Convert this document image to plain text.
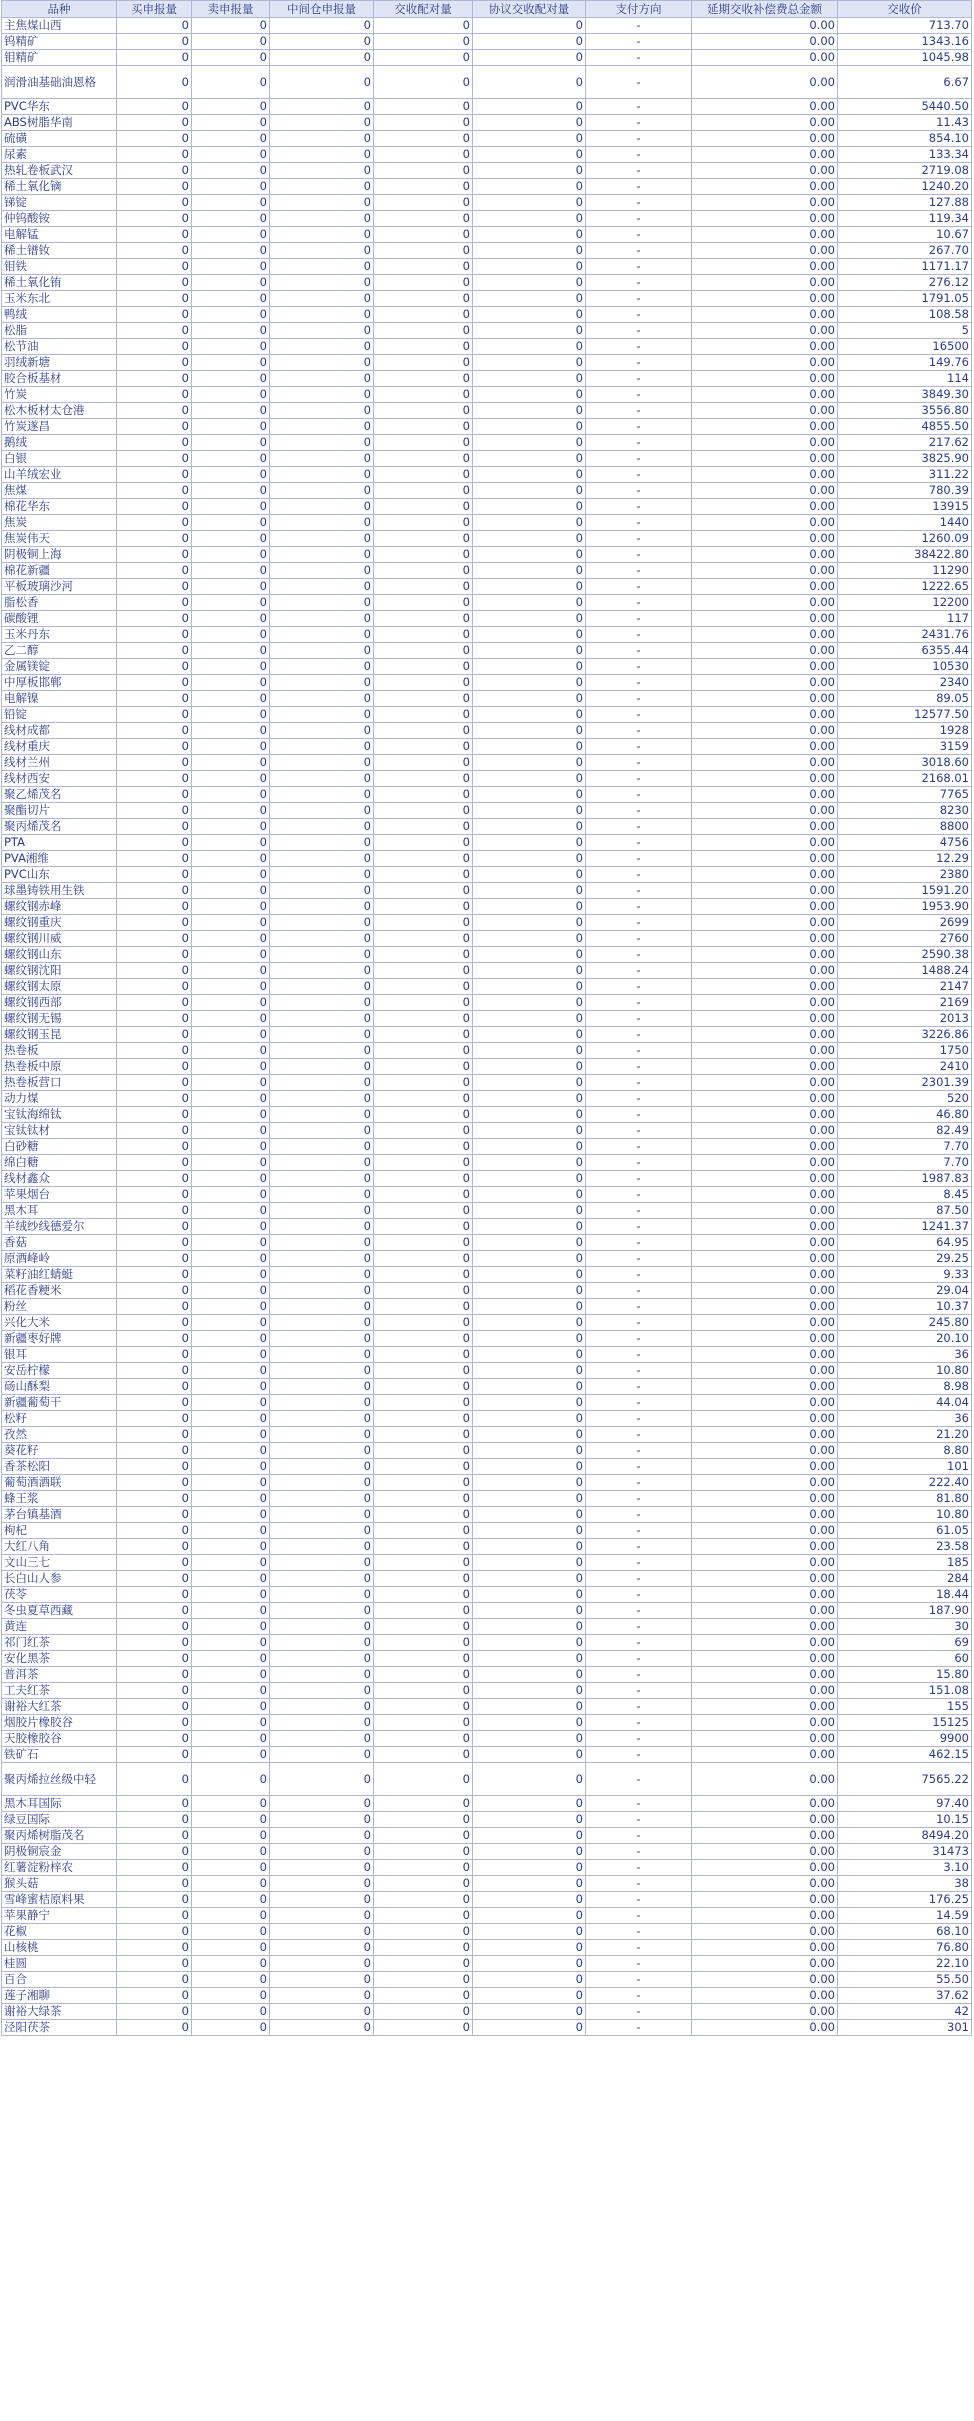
品种	买申报量	卖申报量	中间仓申报量	交收配对量	协议交收配对量	支付方向	延期交收补偿费总金额	交收价
主焦煤山西	0	0	0	0	0	-	0.00	713.70
钨精矿	0	0	0	0	0	-	0.00	1343.16
钼精矿	0	0	0	0	0	-	0.00	1045.98
润滑油基础油恩格	0	0	0	0	0	-	0.00	6.67
PVC华东	0	0	0	0	0	-	0.00	5440.50
ABS树脂华南	0	0	0	0	0	-	0.00	11.43
硫磺	0	0	0	0	0	-	0.00	854.10
尿素	0	0	0	0	0	-	0.00	133.34
热轧卷板武汉	0	0	0	0	0	-	0.00	2719.08
稀土氧化镝	0	0	0	0	0	-	0.00	1240.20
锑锭	0	0	0	0	0	-	0.00	127.88
仲钨酸铵	0	0	0	0	0	-	0.00	119.34
电解锰	0	0	0	0	0	-	0.00	10.67
稀土镨钕	0	0	0	0	0	-	0.00	267.70
钼铁	0	0	0	0	0	-	0.00	1171.17
稀土氧化铕	0	0	0	0	0	-	0.00	276.12
玉米东北	0	0	0	0	0	-	0.00	1791.05
鸭绒	0	0	0	0	0	-	0.00	108.58
松脂	0	0	0	0	0	-	0.00	5
松节油	0	0	0	0	0	-	0.00	16500
羽绒新塘	0	0	0	0	0	-	0.00	149.76
胶合板基材	0	0	0	0	0	-	0.00	114
竹炭	0	0	0	0	0	-	0.00	3849.30
松木板材太仓港	0	0	0	0	0	-	0.00	3556.80
竹炭遂昌	0	0	0	0	0	-	0.00	4855.50
鹅绒	0	0	0	0	0	-	0.00	217.62
白银	0	0	0	0	0	-	0.00	3825.90
山羊绒宏业	0	0	0	0	0	-	0.00	311.22
焦煤	0	0	0	0	0	-	0.00	780.39
棉花华东	0	0	0	0	0	-	0.00	13915
焦炭	0	0	0	0	0	-	0.00	1440
焦炭伟天	0	0	0	0	0	-	0.00	1260.09
阴极铜上海	0	0	0	0	0	-	0.00	38422.80
棉花新疆	0	0	0	0	0	-	0.00	11290
平板玻璃沙河	0	0	0	0	0	-	0.00	1222.65
脂松香	0	0	0	0	0	-	0.00	12200
碳酸锂	0	0	0	0	0	-	0.00	117
玉米丹东	0	0	0	0	0	-	0.00	2431.76
乙二醇	0	0	0	0	0	-	0.00	6355.44
金属镁锭	0	0	0	0	0	-	0.00	10530
中厚板邯郸	0	0	0	0	0	-	0.00	2340
电解镍	0	0	0	0	0	-	0.00	89.05
铅锭	0	0	0	0	0	-	0.00	12577.50
线材成都	0	0	0	0	0	-	0.00	1928
线材重庆	0	0	0	0	0	-	0.00	3159
线材兰州	0	0	0	0	0	-	0.00	3018.60
线材西安	0	0	0	0	0	-	0.00	2168.01
聚乙烯茂名	0	0	0	0	0	-	0.00	7765
聚酯切片	0	0	0	0	0	-	0.00	8230
聚丙烯茂名	0	0	0	0	0	-	0.00	8800
PTA	0	0	0	0	0	-	0.00	4756
PVA湘维	0	0	0	0	0	-	0.00	12.29
PVC山东	0	0	0	0	0	-	0.00	2380
球墨铸铁用生铁	0	0	0	0	0	-	0.00	1591.20
螺纹钢赤峰	0	0	0	0	0	-	0.00	1953.90
螺纹钢重庆	0	0	0	0	0	-	0.00	2699
螺纹钢川威	0	0	0	0	0	-	0.00	2760
螺纹钢山东	0	0	0	0	0	-	0.00	2590.38
螺纹钢沈阳	0	0	0	0	0	-	0.00	1488.24
螺纹钢太原	0	0	0	0	0	-	0.00	2147
螺纹钢西部	0	0	0	0	0	-	0.00	2169
螺纹钢无锡	0	0	0	0	0	-	0.00	2013
螺纹钢玉昆	0	0	0	0	0	-	0.00	3226.86
热卷板	0	0	0	0	0	-	0.00	1750
热卷板中原	0	0	0	0	0	-	0.00	2410
热卷板营口	0	0	0	0	0	-	0.00	2301.39
动力煤	0	0	0	0	0	-	0.00	520
宝钛海绵钛	0	0	0	0	0	-	0.00	46.80
宝钛钛材	0	0	0	0	0	-	0.00	82.49
白砂糖	0	0	0	0	0	-	0.00	7.70
绵白糖	0	0	0	0	0	-	0.00	7.70
线材鑫众	0	0	0	0	0	-	0.00	1987.83
苹果烟台	0	0	0	0	0	-	0.00	8.45
黑木耳	0	0	0	0	0	-	0.00	87.50
羊绒纱线德爱尔	0	0	0	0	0	-	0.00	1241.37
香菇	0	0	0	0	0	-	0.00	64.95
原酒峰岭	0	0	0	0	0	-	0.00	29.25
菜籽油红蜻蜓	0	0	0	0	0	-	0.00	9.33
稻花香粳米	0	0	0	0	0	-	0.00	29.04
粉丝	0	0	0	0	0	-	0.00	10.37
兴化大米	0	0	0	0	0	-	0.00	245.80
新疆枣好牌	0	0	0	0	0	-	0.00	20.10
银耳	0	0	0	0	0	-	0.00	36
安岳柠檬	0	0	0	0	0	-	0.00	10.80
砀山酥梨	0	0	0	0	0	-	0.00	8.98
新疆葡萄干	0	0	0	0	0	-	0.00	44.04
松籽	0	0	0	0	0	-	0.00	36
孜然	0	0	0	0	0	-	0.00	21.20
葵花籽	0	0	0	0	0	-	0.00	8.80
香茶松阳	0	0	0	0	0	-	0.00	101
葡萄酒酒联	0	0	0	0	0	-	0.00	222.40
蜂王浆	0	0	0	0	0	-	0.00	81.80
茅台镇基酒	0	0	0	0	0	-	0.00	10.80
枸杞	0	0	0	0	0	-	0.00	61.05
大红八角	0	0	0	0	0	-	0.00	23.58
文山三七	0	0	0	0	0	-	0.00	185
长白山人参	0	0	0	0	0	-	0.00	284
茯苓	0	0	0	0	0	-	0.00	18.44
冬虫夏草西藏	0	0	0	0	0	-	0.00	187.90
黄连	0	0	0	0	0	-	0.00	30
祁门红茶	0	0	0	0	0	-	0.00	69
安化黑茶	0	0	0	0	0	-	0.00	60
普洱茶	0	0	0	0	0	-	0.00	15.80
工夫红茶	0	0	0	0	0	-	0.00	151.08
谢裕大红茶	0	0	0	0	0	-	0.00	155
烟胶片橡胶谷	0	0	0	0	0	-	0.00	15125
天胶橡胶谷	0	0	0	0	0	-	0.00	9900
铁矿石	0	0	0	0	0	-	0.00	462.15
聚丙烯拉丝级中轻	0	0	0	0	0	-	0.00	7565.22
黑木耳国际	0	0	0	0	0	-	0.00	97.40
绿豆国际	0	0	0	0	0	-	0.00	10.15
聚丙烯树脂茂名	0	0	0	0	0	-	0.00	8494.20
阴极铜宸金	0	0	0	0	0	-	0.00	31473
红薯淀粉梓农	0	0	0	0	0	-	0.00	3.10
猴头菇	0	0	0	0	0	-	0.00	38
雪峰蜜桔原料果	0	0	0	0	0	-	0.00	176.25
苹果静宁	0	0	0	0	0	-	0.00	14.59
花椒	0	0	0	0	0	-	0.00	68.10
山核桃	0	0	0	0	0	-	0.00	76.80
桂圆	0	0	0	0	0	-	0.00	22.10
百合	0	0	0	0	0	-	0.00	55.50
莲子湘聊	0	0	0	0	0	-	0.00	37.62
谢裕大绿茶	0	0	0	0	0	-	0.00	42
泾阳茯茶	0	0	0	0	0	-	0.00	301
